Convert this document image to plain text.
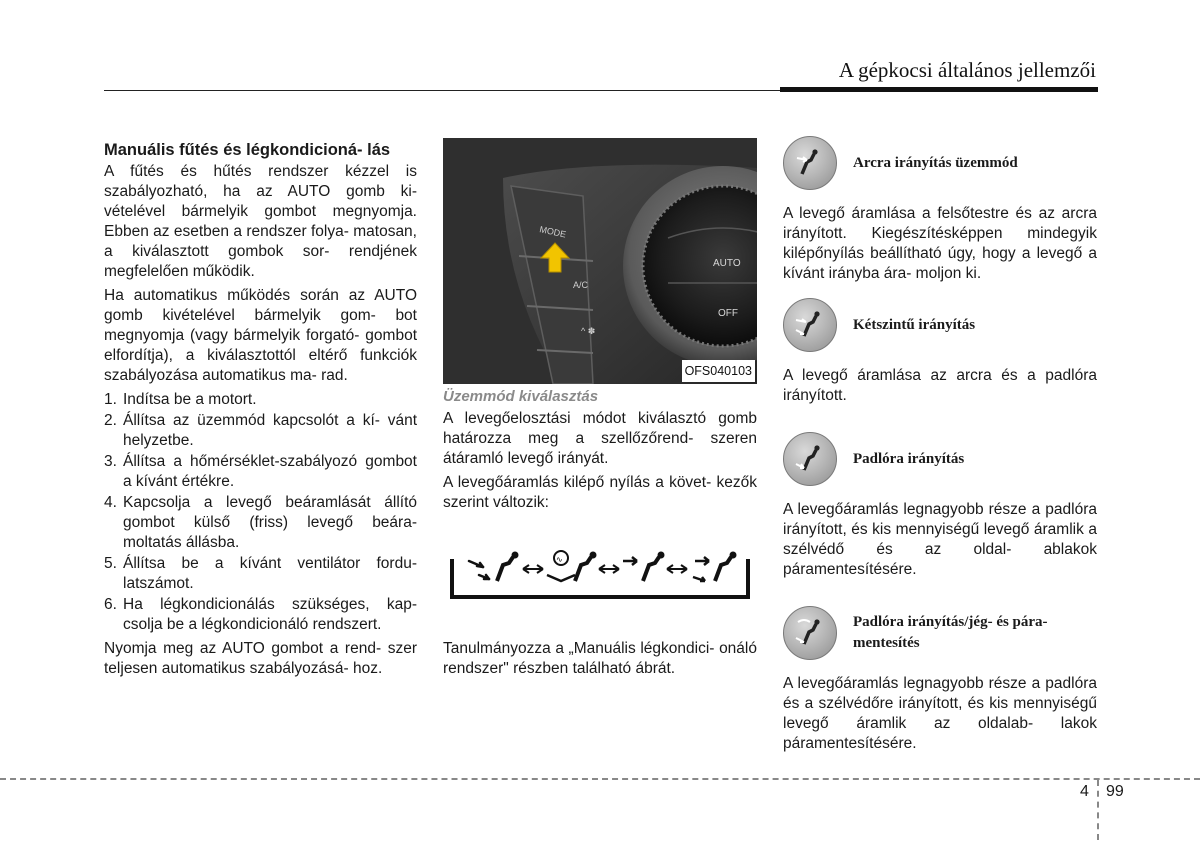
A gépkocsi általános jellemzői
Manuális fűtés és légkondicioná- lás

A fűtés és hűtés rendszer kézzel is szabályozható, ha az AUTO gomb ki- vételével bármelyik gombot megnyomja. Ebben az esetben a rendszer folya- matosan, a kiválasztott gombok sor- rendjének megfelelően működik.

Ha automatikus működés során az AUTO gomb kivételével bármelyik gom- bot megnyomja (vagy bármelyik forgató- gombot elfordítja), a kiválasztottól eltérő funkciók szabályozása automatikus ma- rad.

1. Indítsa be a motort.
2. Állítsa az üzemmód kapcsolót a kí- vánt helyzetbe.
3. Állítsa a hőmérséklet-szabályozó gombot a kívánt értékre.
4. Kapcsolja a levegő beáramlását állító gombot külső (friss) levegő beára- moltatás állásba.
5. Állítsa be a kívánt ventilátor fordu- latszámot.
6. Ha légkondicionálás szükséges, kap- csolja be a légkondicionáló rendszert.

Nyomja meg az AUTO gombot a rend- szer teljesen automatikus szabályozásá- hoz.

MODE
A/C
^ ✽
AUTO
OFF
OFS040103
Üzemmód kiválasztás

A levegőelosztási módot kiválasztó gomb határozza meg a szellőzőrend- szeren átáramló levegő irányát.

A levegőáramlás kilépő nyílás a követ- kezők szerint változik:

∿

Tanulmányozza a „Manuális légkondici- onáló rendszer" részben található ábrát.

Arcra irányítás üzemmód

A levegő áramlása a felsőtestre és az arcra irányított. Kiegészítésképpen mindegyik kilépőnyílás beállítható úgy, hogy a levegő a kívánt irányba ára- moljon ki.

Kétszintű irányítás

A levegő áramlása az arcra és a padlóra irányított.

Padlóra irányítás

A levegőáramlás legnagyobb része a padlóra irányított, és kis mennyiségű levegő áramlik a szélvédő és az oldal- ablakok páramentesítésére.

Padlóra irányítás/jég- és pára- mentesítés

A levegőáramlás legnagyobb része a padlóra és a szélvédőre irányított, és kis mennyiségű levegő áramlik az oldalab- lakok páramentesítésére.

4 99
